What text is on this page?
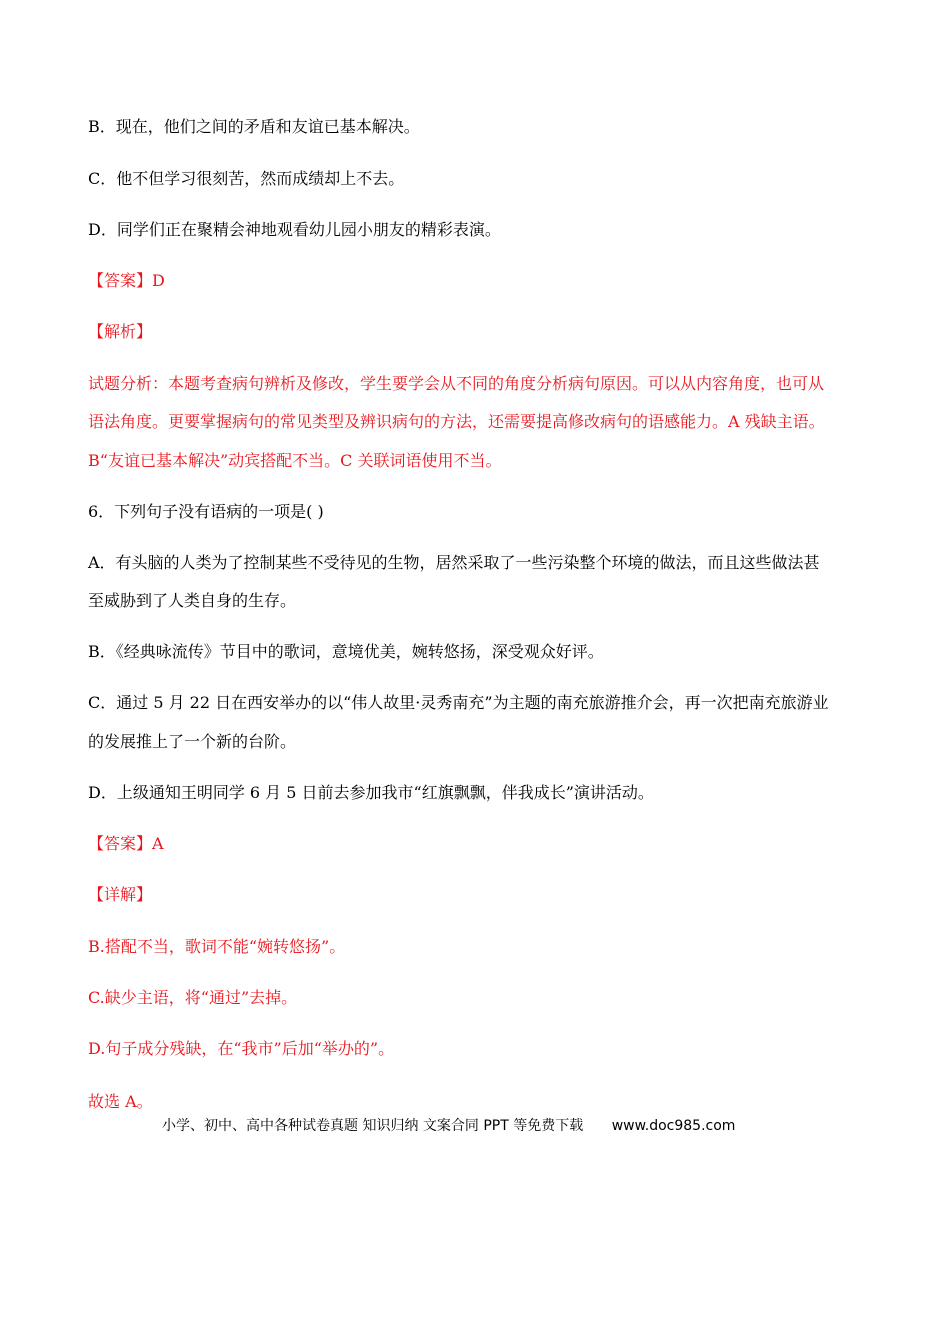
B．现在，他们之间的矛盾和友谊已基本解决。
C．他不但学习很刻苦，然而成绩却上不去。
D．同学们正在聚精会神地观看幼儿园小朋友的精彩表演。
【答案】D
【解析】
试题分析：本题考查病句辨析及修改，学生要学会从不同的角度分析病句原因。可以从内容角度，也可从
语法角度。更要掌握病句的常见类型及辨识病句的方法，还需要提高修改病句的语感能力。A 残缺主语。
B“友谊已基本解决”动宾搭配不当。C 关联词语使用不当。
6．下列句子没有语病的一项是( )
A．有头脑的人类为了控制某些不受待见的生物，居然采取了一些污染整个环境的做法，而且这些做法甚
至威胁到了人类自身的生存。
B．《经典咏流传》节目中的歌词，意境优美，婉转悠扬，深受观众好评。
C．通过 5 月 22 日在西安举办的以“伟人故里·灵秀南充”为主题的南充旅游推介会，再一次把南充旅游业
的发展推上了一个新的台阶。
D．上级通知王明同学 6 月 5 日前去参加我市“红旗飘飘，伴我成长”演讲活动。
【答案】A
【详解】
B.搭配不当，歌词不能“婉转悠扬”。
C.缺少主语，将“通过”去掉。
D.句子成分残缺，在“我市”后加“举办的”。
故选 A。
小学、初中、高中各种试卷真题 知识归纳 文案合同 PPT 等免费下载 www.doc985.com
